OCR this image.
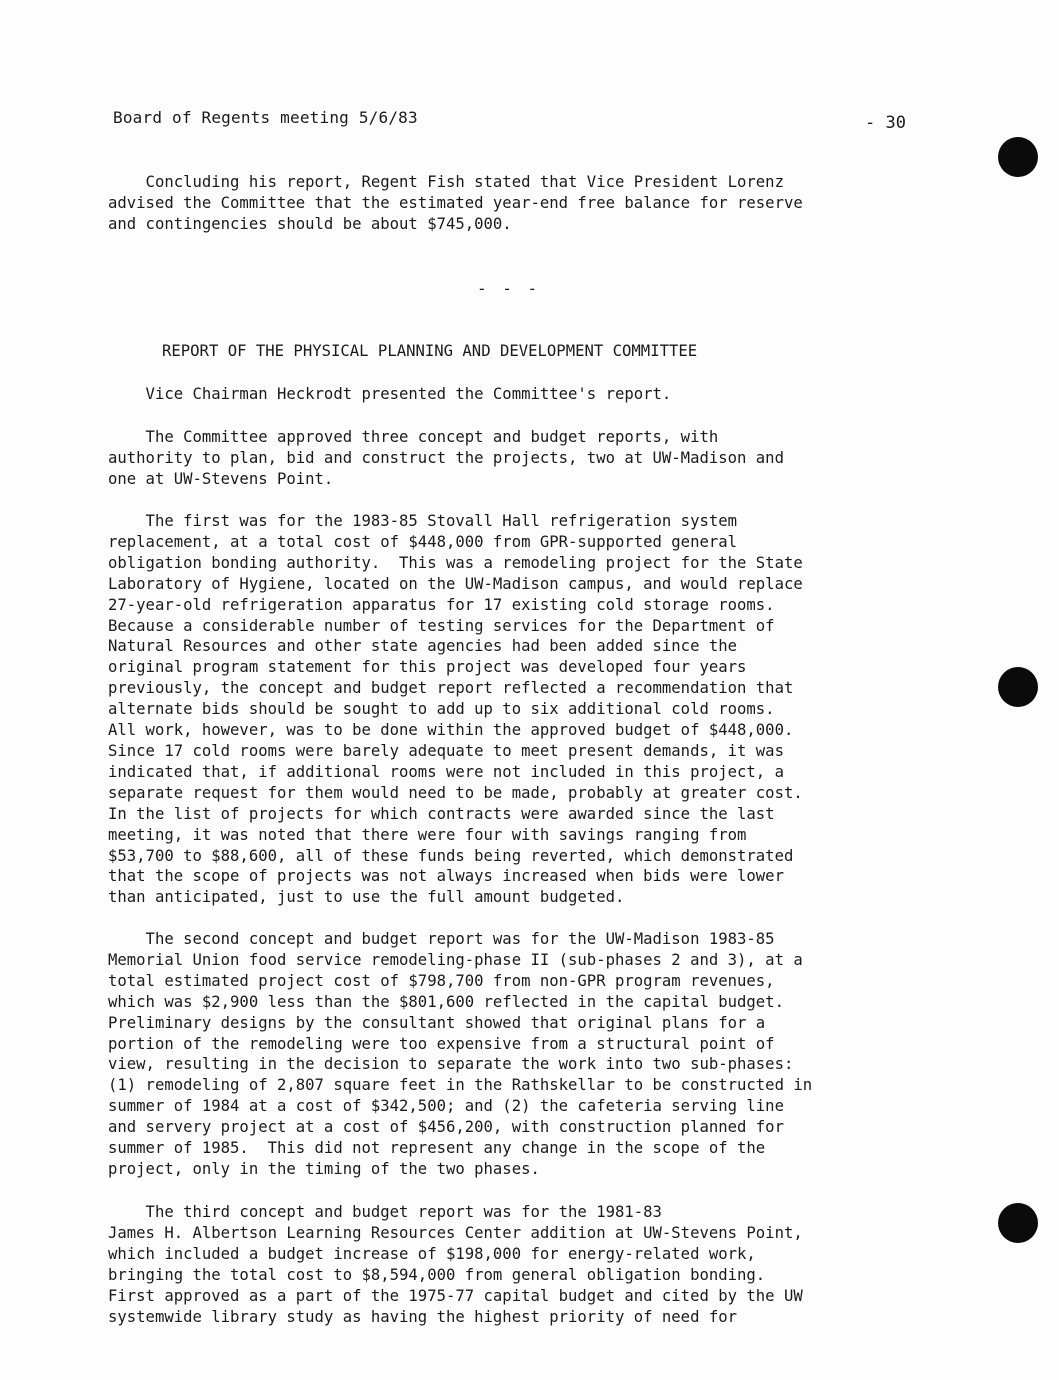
Board of Regents meeting 5/6/83	- 30
Concluding his report, Regent Fish stated that Vice President Lorenz
advised the Committee that the estimated year-end free balance for reserve
and contingencies should be about $745,000.
- - -
REPORT OF THE PHYSICAL PLANNING AND DEVELOPMENT COMMITTEE
Vice Chairman Heckrodt presented the Committee's report.
The Committee approved three concept and budget reports, with
authority to plan, bid and construct the projects, two at UW-Madison and
one at UW-Stevens Point.
The first was for the 1983-85 Stovall Hall refrigeration system
replacement, at a total cost of $448,000 from GPR-supported general
obligation bonding authority.  This was a remodeling project for the State
Laboratory of Hygiene, located on the UW-Madison campus, and would replace
27-year-old refrigeration apparatus for 17 existing cold storage rooms.
Because a considerable number of testing services for the Department of
Natural Resources and other state agencies had been added since the
original program statement for this project was developed four years
previously, the concept and budget report reflected a recommendation that
alternate bids should be sought to add up to six additional cold rooms.
All work, however, was to be done within the approved budget of $448,000.
Since 17 cold rooms were barely adequate to meet present demands, it was
indicated that, if additional rooms were not included in this project, a
separate request for them would need to be made, probably at greater cost.
In the list of projects for which contracts were awarded since the last
meeting, it was noted that there were four with savings ranging from
$53,700 to $88,600, all of these funds being reverted, which demonstrated
that the scope of projects was not always increased when bids were lower
than anticipated, just to use the full amount budgeted.
The second concept and budget report was for the UW-Madison 1983-85
Memorial Union food service remodeling-phase II (sub-phases 2 and 3), at a
total estimated project cost of $798,700 from non-GPR program revenues,
which was $2,900 less than the $801,600 reflected in the capital budget.
Preliminary designs by the consultant showed that original plans for a
portion of the remodeling were too expensive from a structural point of
view, resulting in the decision to separate the work into two sub-phases:
(1) remodeling of 2,807 square feet in the Rathskellar to be constructed in
summer of 1984 at a cost of $342,500; and (2) the cafeteria serving line
and servery project at a cost of $456,200, with construction planned for
summer of 1985.  This did not represent any change in the scope of the
project, only in the timing of the two phases.
The third concept and budget report was for the 1981-83
James H. Albertson Learning Resources Center addition at UW-Stevens Point,
which included a budget increase of $198,000 for energy-related work,
bringing the total cost to $8,594,000 from general obligation bonding.
First approved as a part of the 1975-77 capital budget and cited by the UW
systemwide library study as having the highest priority of need for
